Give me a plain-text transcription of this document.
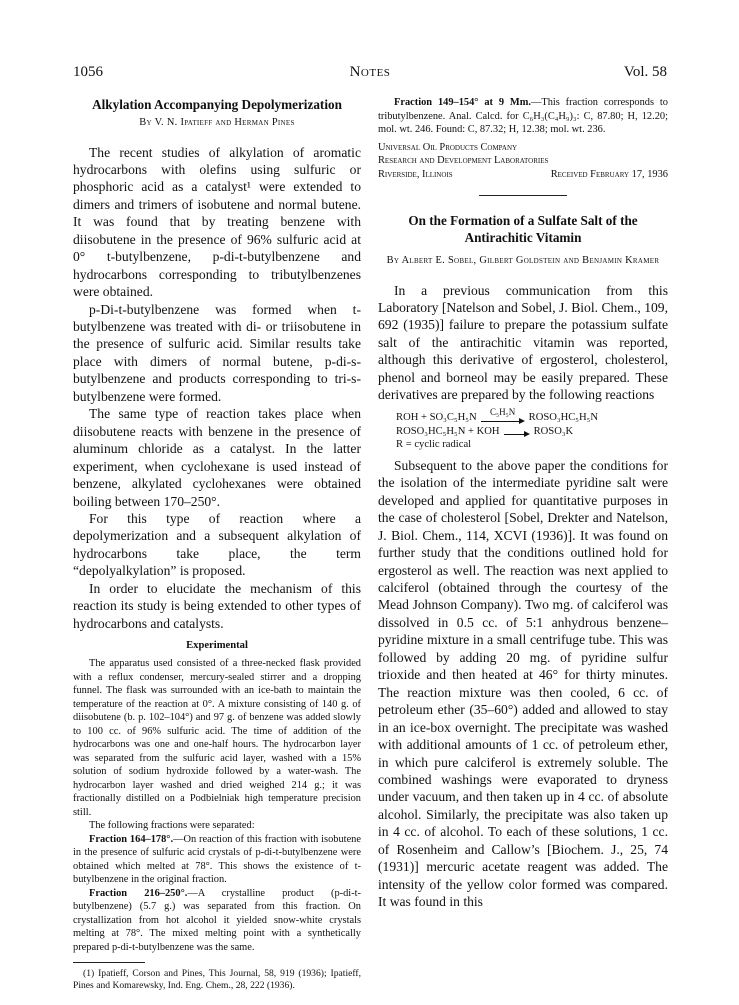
1056	Notes	Vol. 58
Alkylation Accompanying Depolymerization
By V. N. Ipatieff and Herman Pines

The recent studies of alkylation of aromatic hydrocarbons with olefins using sulfuric or phosphoric acid as a catalyst¹ were extended to dimers and trimers of isobutene and normal butene. It was found that by treating benzene with diisobutene in the presence of 96% sulfuric acid at 0° t-butylbenzene, p-di-t-butylbenzene and hydrocarbons corresponding to tributylbenzenes were obtained.

p-Di-t-butylbenzene was formed when t-butylbenzene was treated with di- or triisobutene in the presence of sulfuric acid. Similar results take place with dimers of normal butene, p-di-s-butylbenzene and products corresponding to tri-s-butylbenzene were formed.

The same type of reaction takes place when diisobutene reacts with benzene in the presence of aluminum chloride as a catalyst. In the latter experiment, when cyclohexane is used instead of benzene, alkylated cyclohexanes were obtained boiling between 170–250°.

For this type of reaction where a depolymerization and a subsequent alkylation of hydrocarbons take place, the term “depolyalkylation” is proposed.

In order to elucidate the mechanism of this reaction its study is being extended to other types of hydrocarbons and catalysts.

Experimental

The apparatus used consisted of a three-necked flask provided with a reflux condenser, mercury-sealed stirrer and a dropping funnel. The flask was surrounded with an ice-bath to maintain the temperature of the reaction at 0°. A mixture consisting of 140 g. of diisobutene (b. p. 102–104°) and 97 g. of benzene was added slowly to 100 cc. of 96% sulfuric acid. The time of addition of the hydrocarbons was one and one-half hours. The hydrocarbon layer was separated from the sulfuric acid layer, washed with a 15% solution of sodium hydroxide followed by a water-wash. The hydrocarbon layer washed and dried weighed 214 g.; it was fractionally distilled on a Podbielniak high temperature precision still.

The following fractions were separated:

Fraction 164–178°.—On reaction of this fraction with isobutene in the presence of sulfuric acid crystals of p-di-t-butylbenzene were obtained which melted at 78°. This shows the existence of t-butylbenzene in the original fraction.

Fraction 216–250°.—A crystalline product (p-di-t-butylbenzene) (5.7 g.) was separated from this fraction. On crystallization from hot alcohol it yielded snow-white crystals melting at 78°. The mixed melting point with a synthetically prepared p-di-t-butylbenzene was the same.

(1) Ipatieff, Corson and Pines, This Journal, 58, 919 (1936); Ipatieff, Pines and Komarewsky, Ind. Eng. Chem., 28, 222 (1936).

Fraction 149–154° at 9 Mm.—This fraction corresponds to tributylbenzene. Anal. Calcd. for C₆H₃(C₄H₉)₃: C, 87.80; H, 12.20; mol. wt. 246. Found: C, 87.32; H, 12.38; mol. wt. 236.

Universal Oil Products Company
Research and Development Laboratories
Riverside, Illinois	Received February 17, 1936
On the Formation of a Sulfate Salt of the Antirachitic Vitamin
By Albert E. Sobel, Gilbert Goldstein and Benjamin Kramer

In a previous communication from this Laboratory [Natelson and Sobel, J. Biol. Chem., 109, 692 (1935)] failure to prepare the potassium sulfate salt of the antirachitic vitamin was reported, although this derivative of ergosterol, cholesterol, phenol and borneol may be easily prepared. These derivatives are prepared by the following reactions

ROH + SO₃C₅H₅N
C₅H₅N
ROSO₃HC₅H₅N
ROSO₃HC₅H₅N + KOH	ROSO₃K
R = cyclic radical

Subsequent to the above paper the conditions for the isolation of the intermediate pyridine salt were developed and applied for quantitative purposes in the case of cholesterol [Sobel, Drekter and Natelson, J. Biol. Chem., 114, XCVI (1936)]. It was found on further study that the conditions outlined hold for ergosterol as well. The reaction was next applied to calciferol (obtained through the courtesy of the Mead Johnson Company). Two mg. of calciferol was dissolved in 0.5 cc. of 5:1 anhydrous benzene–pyridine mixture in a small centrifuge tube. This was followed by adding 20 mg. of pyridine sulfur trioxide and then heated at 46° for thirty minutes. The reaction mixture was then cooled, 6 cc. of petroleum ether (35–60°) added and allowed to stay in an ice-box overnight. The precipitate was washed with additional amounts of 1 cc. of petroleum ether, in which pure calciferol is extremely soluble. The combined washings were evaporated to dryness under vacuum, and then taken up in 4 cc. of absolute alcohol. Similarly, the precipitate was also taken up in 4 cc. of alcohol. To each of these solutions, 1 cc. of Rosenheim and Callow’s [Biochem. J., 25, 74 (1931)] mercuric acetate reagent was added. The intensity of the yellow color formed was compared. It was found in this
